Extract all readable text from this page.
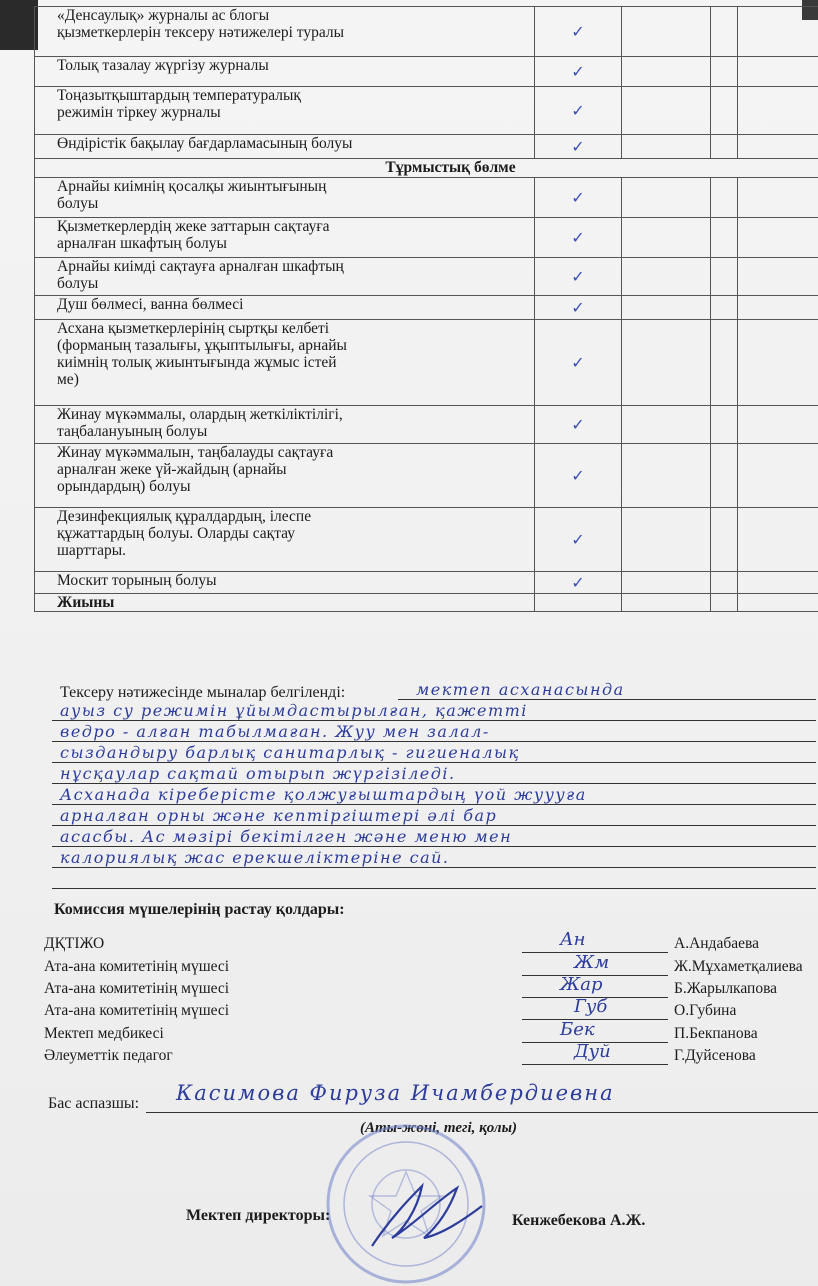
«Денсаулық» журналы ас блогы
қызметкерлерін тексеру нәтижелері туралы	✓			

Толық тазалау жүргізу журналы	✓			

Тоңазытқыштардың температуралық
режимін тіркеу журналы	✓			

Өндірістік бақылау бағдарламасының болуы	✓			
Тұрмыстық бөлме				

Арнайы киімнің қосалқы жиынтығының
болуы	✓			

Қызметкерлердің жеке заттарын сақтауға
арналған шкафтың болуы	✓			

Арнайы киімді сақтауға арналған шкафтың
болуы	✓			

Душ бөлмесі, ванна бөлмесі	✓			

Асхана қызметкерлерінің сыртқы келбеті
(форманың тазалығы, ұқыптылығы, арнайы
киімнің толық жиынтығында жұмыс істей
ме)	✓			

Жинау мүкәммалы, олардың жеткіліктілігі,
таңбалануының болуы	✓			

Жинау мүкәммалын, таңбалауды сақтауға
арналған жеке үй-жайдың (арнайы
орындардың) болуы	✓			

Дезинфекциялық құралдардың, ілеспе
құжаттардың болуы. Оларды сақтау
шарттары.	✓			

Москит торының болуы	✓			
Жиыны				
Тексеру нәтижесінде мыналар белгіленді:	мектеп асханасында
ауыз су режимін ұйымдастырылған, қажетті
ведро - алған табылмаған. Жуу мен залал-
сыздандыру барлық санитарлық - гигиеналық
нұсқаулар сақтай отырып жүргізіледі.
Асханада кіреберісте қолжуғыштардың үой жуууға
арналған орны және кептіргіштері әлі бар
асасбы. Ас мәзірі бекітілген және меню мен
калориялық жас ерекшеліктеріне сай.
Комиссия мүшелерінің растау қолдары:
ДҚТІЖО	Ан	А.Андабаева
Ата-ана комитетінің мүшесі	Жм	Ж.Мұхаметқалиева
Ата-ана комитетінің мүшесі	Жар	Б.Жарылкапова
Ата-ана комитетінің мүшесі	Губ	О.Губина
Мектеп медбикесі	Бек	П.Бекпанова
Әлеуметтік педагог	Дуй	Г.Дуйсенова
Бас аспазшы: Касимова Фируза Ичамбердиевна
(Аты-жөні, тегі, қолы)
Мектеп директоры:	Кенжебекова А.Ж.
